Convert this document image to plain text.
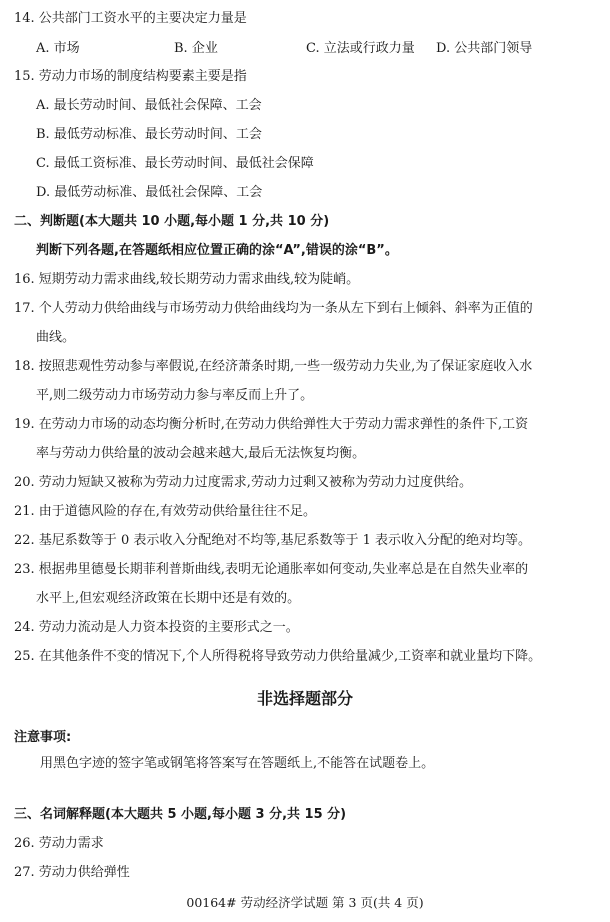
14. 公共部门工资水平的主要决定力量是
A. 市场	B. 企业	C. 立法或行政力量 D. 公共部门领导
15. 劳动力市场的制度结构要素主要是指
A. 最长劳动时间、最低社会保障、工会
B. 最低劳动标准、最长劳动时间、工会
C. 最低工资标准、最长劳动时间、最低社会保障
D. 最低劳动标准、最低社会保障、工会
二、判断题(本大题共 10 小题,每小题 1 分,共 10 分)
判断下列各题,在答题纸相应位置正确的涂“A”,错误的涂“B”。
16. 短期劳动力需求曲线,较长期劳动力需求曲线,较为陡峭。
17. 个人劳动力供给曲线与市场劳动力供给曲线均为一条从左下到右上倾斜、斜率为正值的
曲线。
18. 按照悲观性劳动参与率假说,在经济萧条时期,一些一级劳动力失业,为了保证家庭收入水
平,则二级劳动力市场劳动力参与率反而上升了。
19. 在劳动力市场的动态均衡分析时,在劳动力供给弹性大于劳动力需求弹性的条件下,工资
率与劳动力供给量的波动会越来越大,最后无法恢复均衡。
20. 劳动力短缺又被称为劳动力过度需求,劳动力过剩又被称为劳动力过度供给。
21. 由于道德风险的存在,有效劳动供给量往往不足。
22. 基尼系数等于 0 表示收入分配绝对不均等,基尼系数等于 1 表示收入分配的绝对均等。
23. 根据弗里德曼长期菲利普斯曲线,表明无论通胀率如何变动,失业率总是在自然失业率的
水平上,但宏观经济政策在长期中还是有效的。
24. 劳动力流动是人力资本投资的主要形式之一。
25. 在其他条件不变的情况下,个人所得税将导致劳动力供给量减少,工资率和就业量均下降。
非选择题部分
注意事项:
用黑色字迹的签字笔或钢笔将答案写在答题纸上,不能答在试题卷上。
三、名词解释题(本大题共 5 小题,每小题 3 分,共 15 分)
26. 劳动力需求
27. 劳动力供给弹性
00164# 劳动经济学试题 第 3 页(共 4 页)
